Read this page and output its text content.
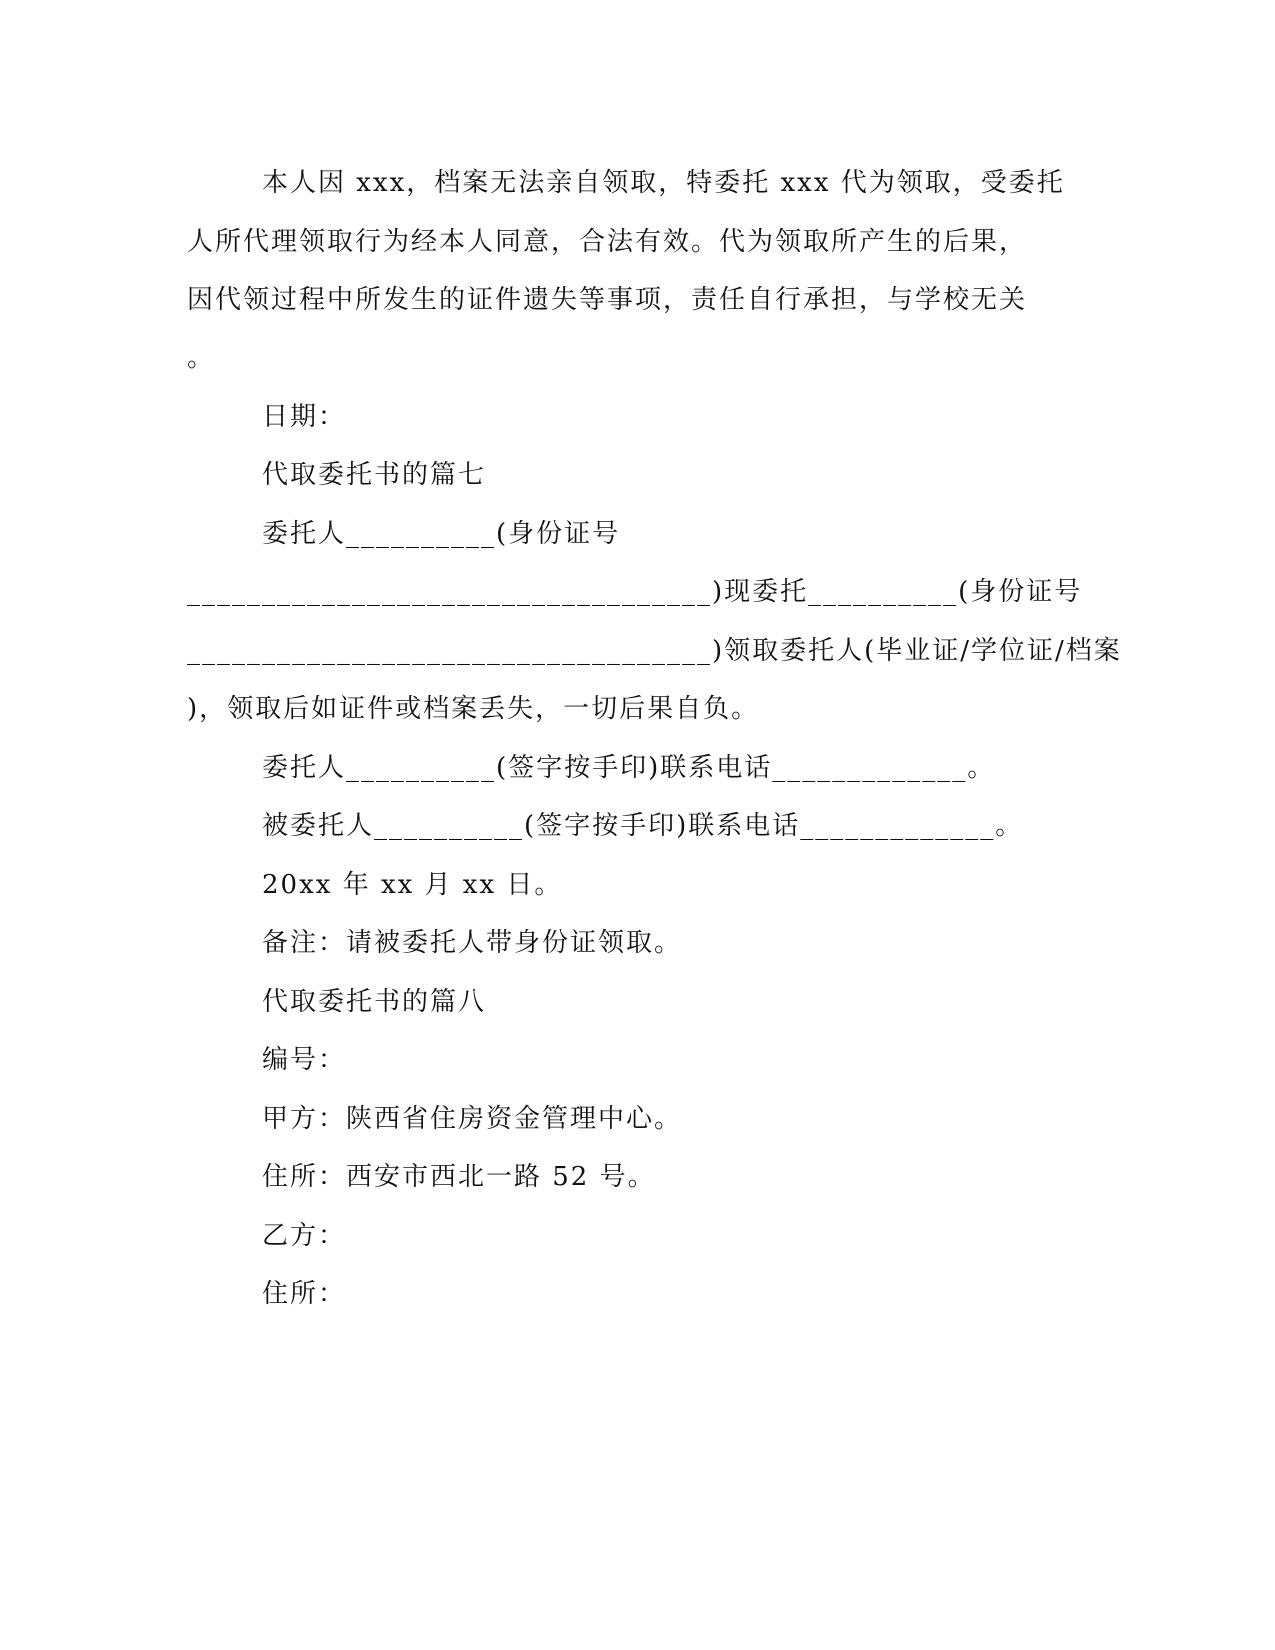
本人因 xxx，档案无法亲自领取，特委托 xxx 代为领取，受委托
人所代理领取行为经本人同意，合法有效。代为领取所产生的后果，
因代领过程中所发生的证件遗失等事项，责任自行承担，与学校无关
。
日期：
代取委托书的篇七
委托人__________(身份证号
___________________________________)现委托__________(身份证号
___________________________________)领取委托人(毕业证/学位证/档案
)，领取后如证件或档案丢失，一切后果自负。
委托人__________(签字按手印)联系电话_____________。
被委托人__________(签字按手印)联系电话_____________。
20xx 年 xx 月 xx 日。
备注：请被委托人带身份证领取。
代取委托书的篇八
编号：
甲方：陕西省住房资金管理中心。
住所：西安市西北一路 52 号。
乙方：
住所：
